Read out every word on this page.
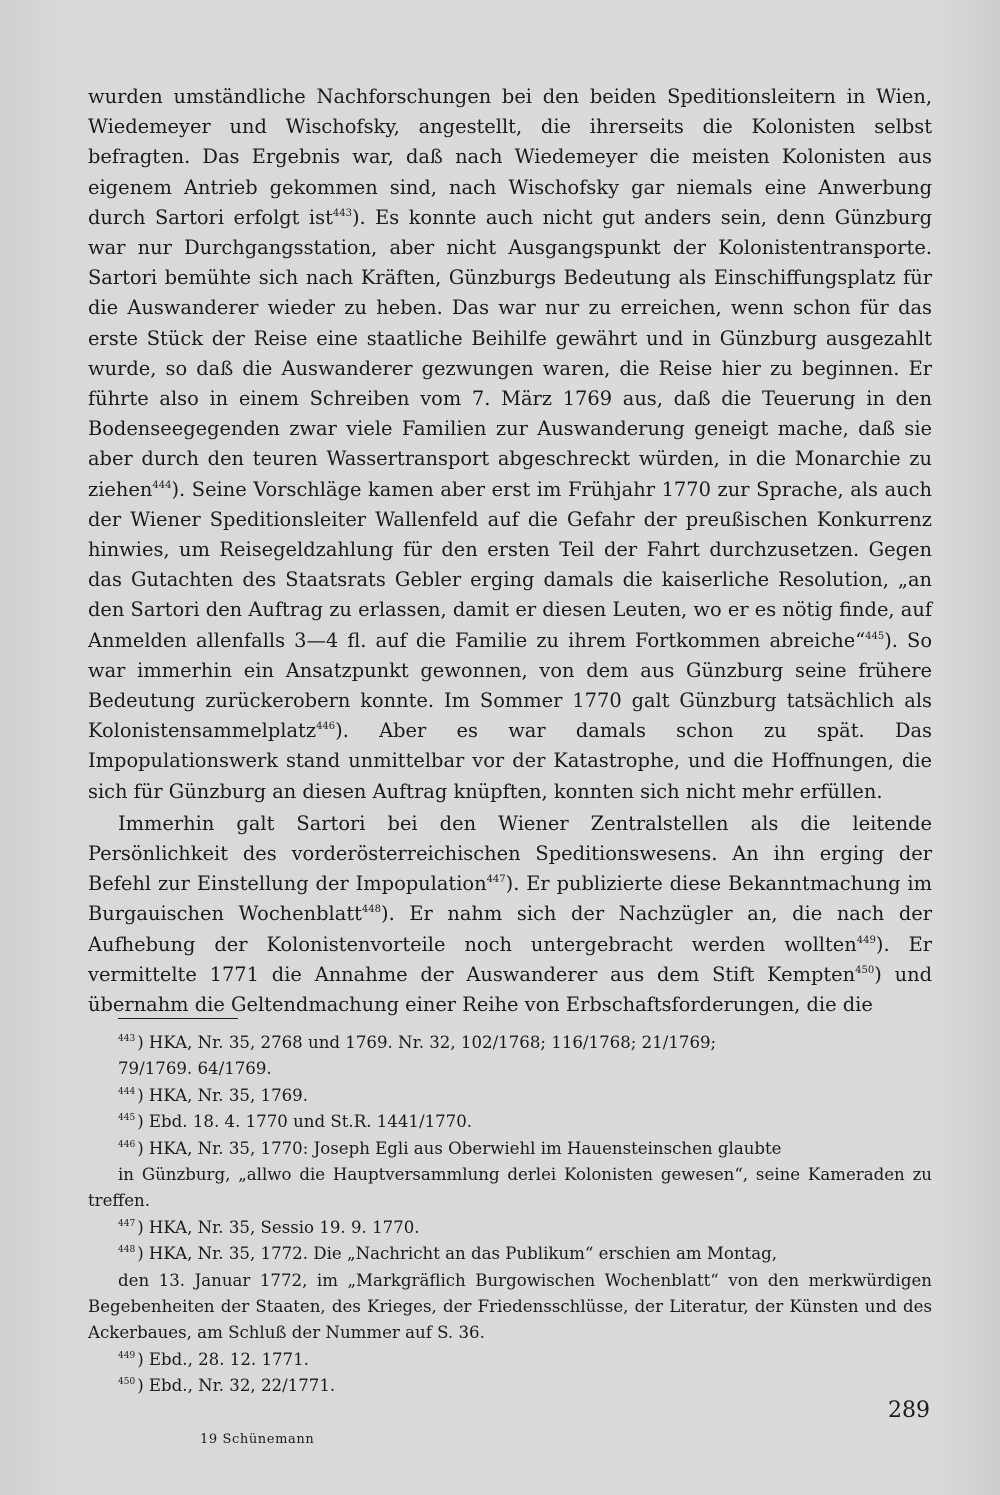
wurden umständliche Nachforschungen bei den beiden Speditionsleitern in Wien, Wiedemeyer und Wischofsky, angestellt, die ihrerseits die Kolonisten selbst befragten. Das Ergebnis war, daß nach Wiedemeyer die meisten Kolonisten aus eigenem Antrieb gekommen sind, nach Wischofsky gar niemals eine Anwerbung durch Sartori erfolgt ist$^{443}$). Es konnte auch nicht gut anders sein, denn Günzburg war nur Durchgangsstation, aber nicht Ausgangspunkt der Kolonistentransporte. Sartori bemühte sich nach Kräften, Günzburgs Bedeutung als Einschiffungsplatz für die Auswanderer wieder zu heben. Das war nur zu erreichen, wenn schon für das erste Stück der Reise eine staatliche Beihilfe gewährt und in Günzburg ausgezahlt wurde, so daß die Auswanderer gezwungen waren, die Reise hier zu beginnen. Er führte also in einem Schreiben vom 7. März 1769 aus, daß die Teuerung in den Bodenseegegenden zwar viele Familien zur Auswanderung geneigt mache, daß sie aber durch den teuren Wassertransport abgeschreckt würden, in die Monarchie zu ziehen$^{444}$). Seine Vorschläge kamen aber erst im Frühjahr 1770 zur Sprache, als auch der Wiener Speditionsleiter Wallenfeld auf die Gefahr der preußischen Konkurrenz hinwies, um Reisegeldzahlung für den ersten Teil der Fahrt durchzusetzen. Gegen das Gutachten des Staatsrats Gebler erging damals die kaiserliche Resolution, „an den Sartori den Auftrag zu erlassen, damit er diesen Leuten, wo er es nötig finde, auf Anmelden allenfalls 3—4 fl. auf die Familie zu ihrem Fortkommen abreiche“$^{445}$). So war immerhin ein Ansatzpunkt gewonnen, von dem aus Günzburg seine frühere Bedeutung zurückerobern konnte. Im Sommer 1770 galt Günzburg tatsächlich als Kolonistensammelplatz$^{446}$). Aber es war damals schon zu spät. Das Impopulationswerk stand unmittelbar vor der Katastrophe, und die Hoffnungen, die sich für Günzburg an diesen Auftrag knüpften, konnten sich nicht mehr erfüllen.

Immerhin galt Sartori bei den Wiener Zentralstellen als die leitende Persönlichkeit des vorderösterreichischen Speditionswesens. An ihn erging der Befehl zur Einstellung der Impopulation$^{447}$). Er publizierte diese Bekanntmachung im Burgauischen Wochenblatt$^{448}$). Er nahm sich der Nachzügler an, die nach der Aufhebung der Kolonistenvorteile noch untergebracht werden wollten$^{449}$). Er vermittelte 1771 die Annahme der Auswanderer aus dem Stift Kempten$^{450}$) und übernahm die Geltendmachung einer Reihe von Erbschaftsforderungen, die die

$^{443}$ ) HKA, Nr. 35, 2768 und 1769. Nr. 32, 102/1768; 116/1768; 21/1769;

79/1769. 64/1769.

$^{444}$ ) HKA, Nr. 35, 1769.

$^{445}$ ) Ebd. 18. 4. 1770 und St.R. 1441/1770.

$^{446}$ ) HKA, Nr. 35, 1770: Joseph Egli aus Oberwiehl im Hauensteinschen glaubte

in Günzburg, „allwo die Hauptversammlung derlei Kolonisten gewesen“, seine Kameraden zu treffen.

$^{447}$ ) HKA, Nr. 35, Sessio 19. 9. 1770.

$^{448}$ ) HKA, Nr. 35, 1772. Die „Nachricht an das Publikum“ erschien am Montag,

den 13. Januar 1772, im „Markgräflich Burgowischen Wochenblatt“ von den merkwürdigen Begebenheiten der Staaten, des Krieges, der Friedensschlüsse, der Literatur, der Künsten und des Ackerbaues, am Schluß der Nummer auf S. 36.

$^{449}$ ) Ebd., 28. 12. 1771.

$^{450}$ ) Ebd., Nr. 32, 22/1771.

289
19 Schünemann
